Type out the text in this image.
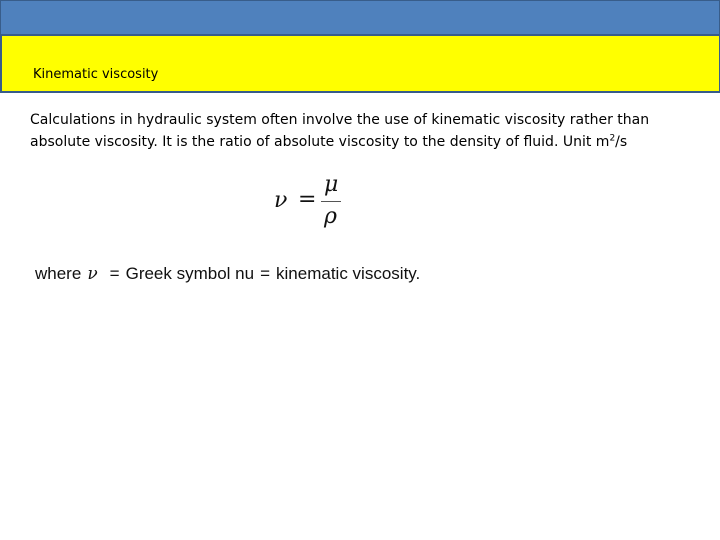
Kinematic viscosity

Calculations in hydraulic system often involve the use of kinematic viscosity rather than absolute viscosity. It is the ratio of absolute viscosity to the density of fluid. Unit $m^2/s$

ν =
μ
ρ
where ν = Greek symbol nu = kinematic viscosity.
